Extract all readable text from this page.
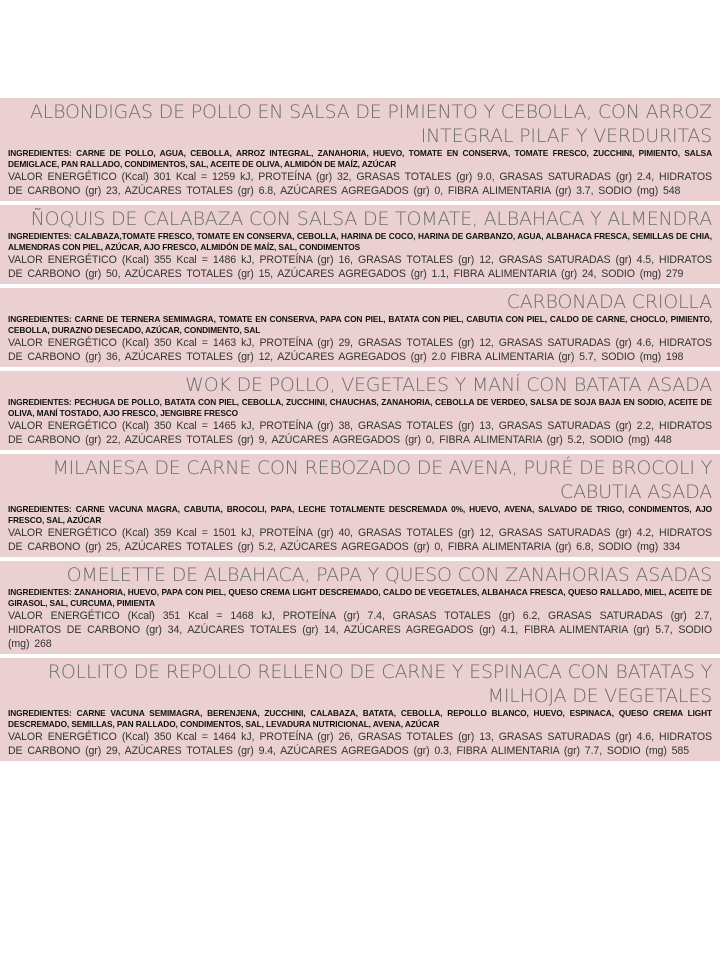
ALBONDIGAS DE POLLO EN SALSA DE PIMIENTO Y CEBOLLA, CON ARROZ INTEGRAL PILAF Y VERDURITAS

INGREDIENTES: CARNE DE POLLO, AGUA, CEBOLLA, ARROZ INTEGRAL, ZANAHORIA, HUEVO, TOMATE EN CONSERVA, TOMATE FRESCO, ZUCCHINI, PIMIENTO, SALSA DEMIGLACE, PAN RALLADO, CONDIMENTOS, SAL, ACEITE DE OLIVA, ALMIDÓN DE MAÍZ, AZÚCAR

VALOR ENERGÉTICO (Kcal) 301 Kcal = 1259 kJ, PROTEÍNA (gr) 32, GRASAS TOTALES (gr) 9.0, GRASAS SATURADAS (gr) 2.4, HIDRATOS DE CARBONO (gr) 23, AZÚCARES TOTALES (gr) 6.8, AZÚCARES AGREGADOS (gr) 0, FIBRA ALIMENTARIA (gr) 3.7, SODIO (mg) 548

ÑOQUIS DE CALABAZA CON SALSA DE TOMATE, ALBAHACA Y ALMENDRA

INGREDIENTES: CALABAZA,TOMATE FRESCO, TOMATE EN CONSERVA, CEBOLLA, HARINA DE COCO, HARINA DE GARBANZO, AGUA, ALBAHACA FRESCA, SEMILLAS DE CHIA, ALMENDRAS CON PIEL, AZÚCAR, AJO FRESCO, ALMIDÓN DE MAÍZ, SAL, CONDIMENTOS

VALOR ENERGÉTICO (Kcal) 355 Kcal = 1486 kJ, PROTEÍNA (gr) 16, GRASAS TOTALES (gr) 12, GRASAS SATURADAS (gr) 4.5, HIDRATOS DE CARBONO (gr) 50, AZÚCARES TOTALES (gr) 15, AZÚCARES AGREGADOS (gr) 1.1, FIBRA ALIMENTARIA (gr) 24, SODIO (mg) 279

CARBONADA CRIOLLA

INGREDIENTES: CARNE DE TERNERA SEMIMAGRA, TOMATE EN CONSERVA, PAPA CON PIEL, BATATA CON PIEL, CABUTIA CON PIEL, CALDO DE CARNE, CHOCLO, PIMIENTO, CEBOLLA, DURAZNO DESECADO, AZÚCAR, CONDIMENTO, SAL

VALOR ENERGÉTICO (Kcal) 350 Kcal = 1463 kJ, PROTEÍNA (gr) 29, GRASAS TOTALES (gr) 12, GRASAS SATURADAS (gr) 4.6, HIDRATOS DE CARBONO (gr) 36, AZÚCARES TOTALES (gr) 12, AZÚCARES AGREGADOS (gr) 2.0 FIBRA ALIMENTARIA (gr) 5.7, SODIO (mg) 198

WOK DE POLLO, VEGETALES Y MANÍ CON BATATA ASADA

INGREDIENTES: PECHUGA DE POLLO, BATATA CON PIEL, CEBOLLA, ZUCCHINI, CHAUCHAS, ZANAHORIA, CEBOLLA DE VERDEO, SALSA DE SOJA BAJA EN SODIO, ACEITE DE OLIVA, MANÍ TOSTADO, AJO FRESCO, JENGIBRE FRESCO

VALOR ENERGÉTICO (Kcal) 350 Kcal = 1465 kJ, PROTEÍNA (gr) 38, GRASAS TOTALES (gr) 13, GRASAS SATURADAS (gr) 2.2, HIDRATOS DE CARBONO (gr) 22, AZÚCARES TOTALES (gr) 9, AZÚCARES AGREGADOS (gr) 0, FIBRA ALIMENTARIA (gr) 5.2, SODIO (mg) 448

MILANESA DE CARNE CON REBOZADO DE AVENA, PURÉ DE BROCOLI Y CABUTIA ASADA

INGREDIENTES: CARNE VACUNA MAGRA, CABUTIA, BROCOLI, PAPA, LECHE TOTALMENTE DESCREMADA 0%, HUEVO, AVENA, SALVADO DE TRIGO, CONDIMENTOS, AJO FRESCO, SAL, AZÚCAR

VALOR ENERGÉTICO (Kcal) 359 Kcal = 1501 kJ, PROTEÍNA (gr) 40, GRASAS TOTALES (gr) 12, GRASAS SATURADAS (gr) 4.2, HIDRATOS DE CARBONO (gr) 25, AZÚCARES TOTALES (gr) 5.2, AZÚCARES AGREGADOS (gr) 0, FIBRA ALIMENTARIA (gr) 6.8, SODIO (mg) 334

OMELETTE DE ALBAHACA, PAPA Y QUESO CON ZANAHORIAS ASADAS

INGREDIENTES: ZANAHORIA, HUEVO, PAPA CON PIEL, QUESO CREMA LIGHT DESCREMADO, CALDO DE VEGETALES, ALBAHACA FRESCA, QUESO RALLADO, MIEL, ACEITE DE GIRASOL, SAL, CURCUMA, PIMIENTA

VALOR ENERGÉTICO (Kcal) 351 Kcal = 1468 kJ, PROTEÍNA (gr) 7.4, GRASAS TOTALES (gr) 6.2, GRASAS SATURADAS (gr) 2.7, HIDRATOS DE CARBONO (gr) 34, AZÚCARES TOTALES (gr) 14, AZÚCARES AGREGADOS (gr) 4.1, FIBRA ALIMENTARIA (gr) 5.7, SODIO (mg) 268

ROLLITO DE REPOLLO RELLENO DE CARNE Y ESPINACA CON BATATAS Y MILHOJA DE VEGETALES

INGREDIENTES: CARNE VACUNA SEMIMAGRA, BERENJENA, ZUCCHINI, CALABAZA, BATATA, CEBOLLA, REPOLLO BLANCO, HUEVO, ESPINACA, QUESO CREMA LIGHT DESCREMADO, SEMILLAS, PAN RALLADO, CONDIMENTOS, SAL, LEVADURA NUTRICIONAL, AVENA, AZÚCAR

VALOR ENERGÉTICO (Kcal) 350 Kcal = 1464 kJ, PROTEÍNA (gr) 26, GRASAS TOTALES (gr) 13, GRASAS SATURADAS (gr) 4.6, HIDRATOS DE CARBONO (gr) 29, AZÚCARES TOTALES (gr) 9.4, AZÚCARES AGREGADOS (gr) 0.3, FIBRA ALIMENTARIA (gr) 7.7, SODIO (mg) 585
